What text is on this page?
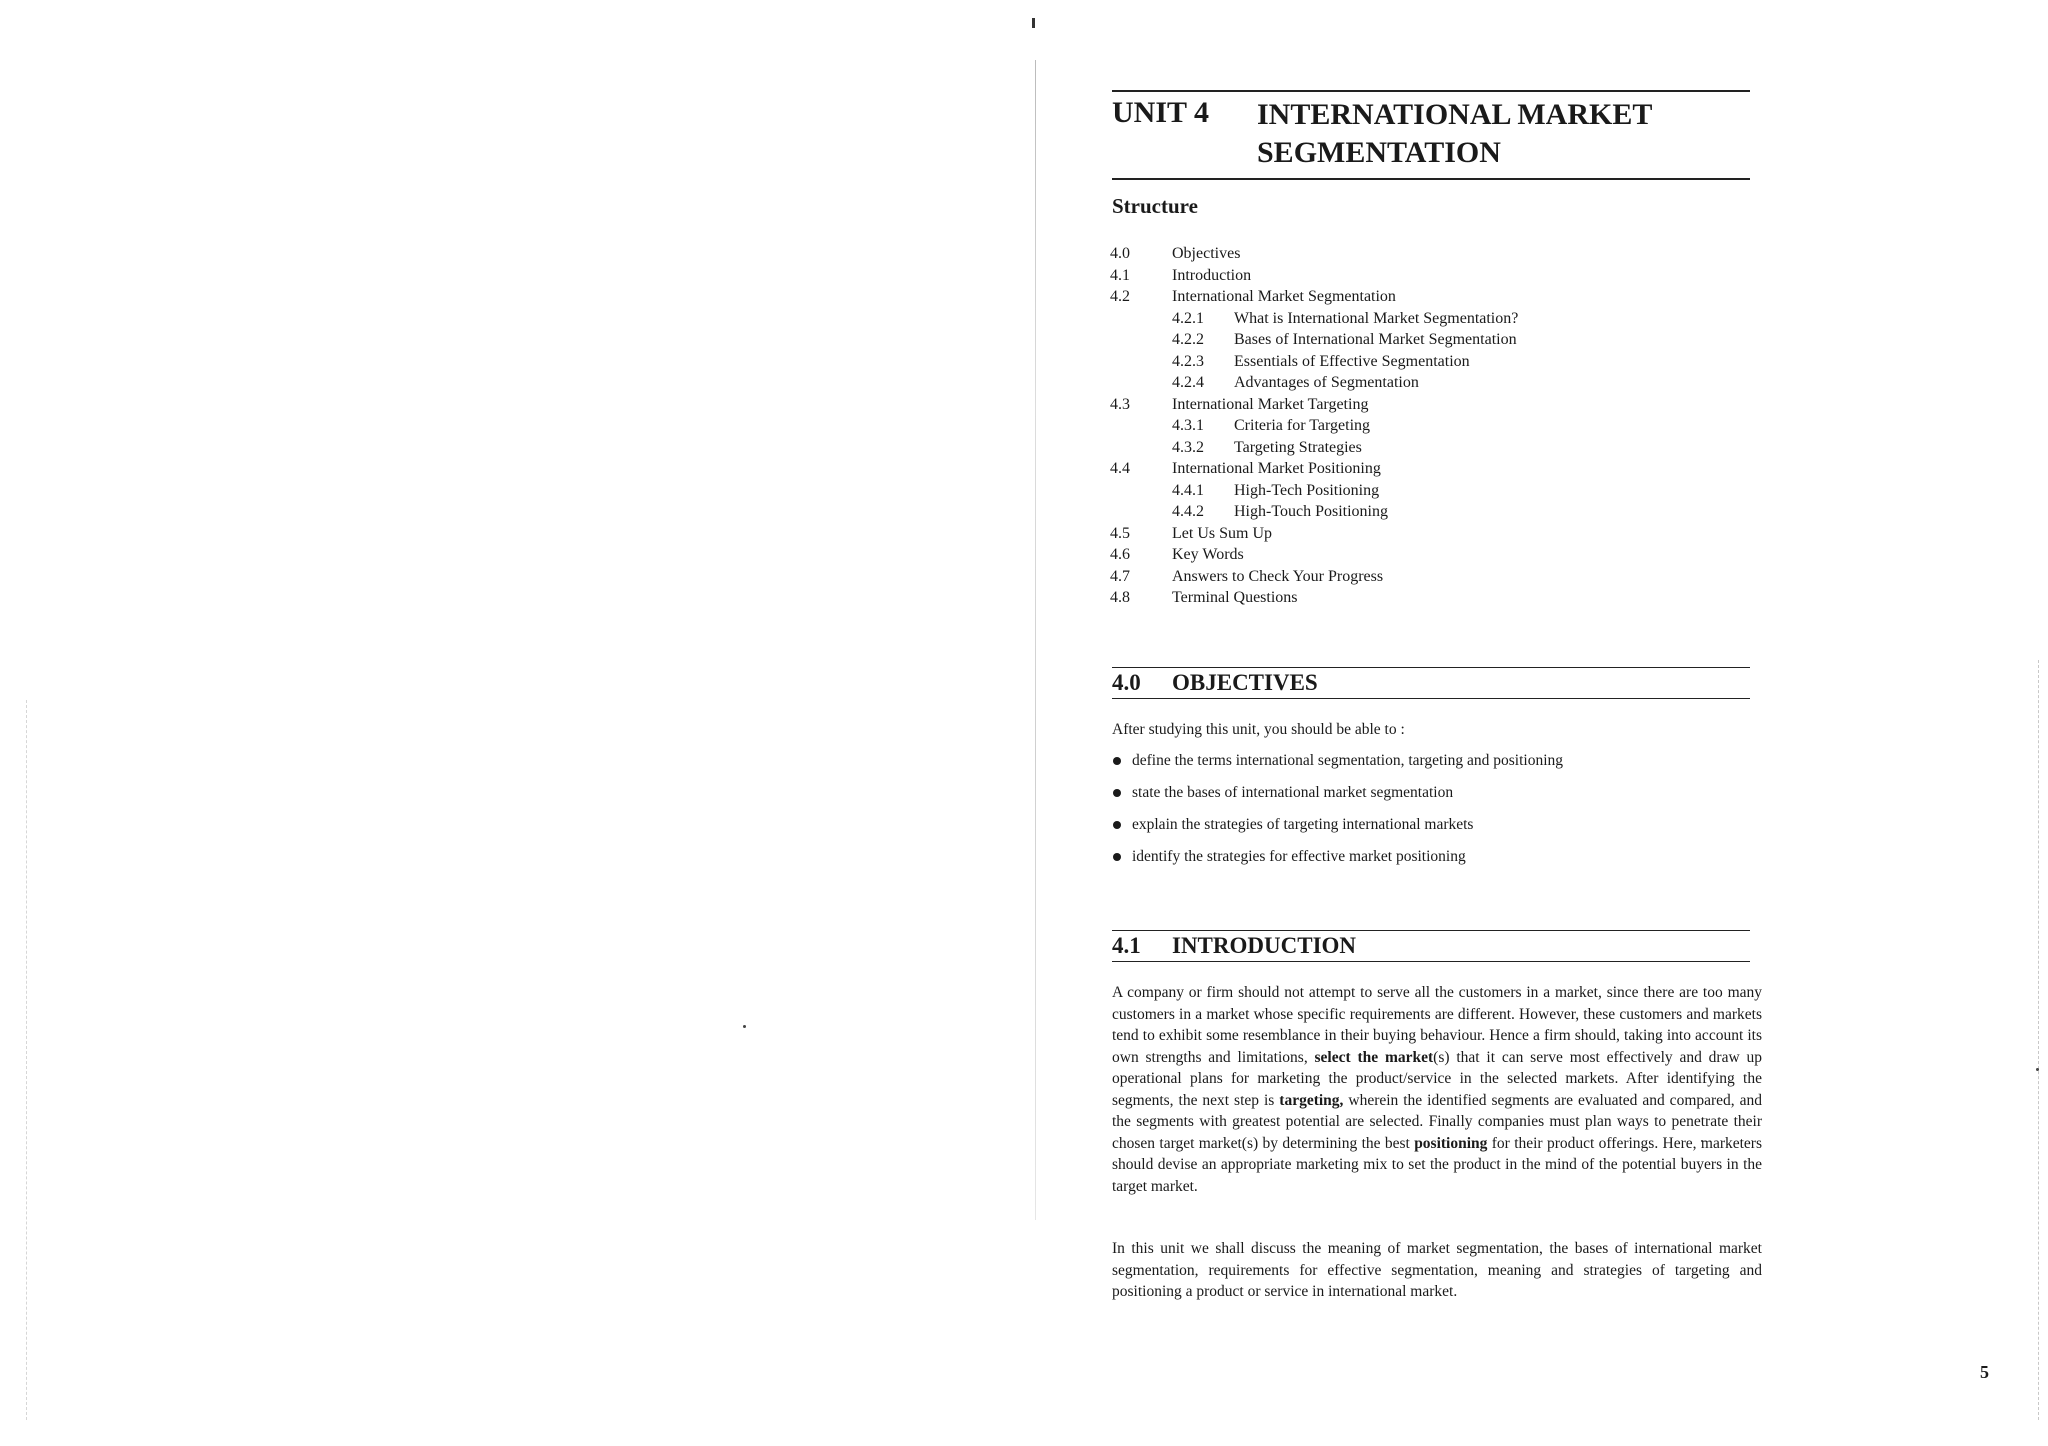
UNIT 4 INTERNATIONAL MARKET
SEGMENTATION
Structure
4.0	Objectives
4.1	Introduction
4.2	International Market Segmentation
4.2.1 What is International Market Segmentation?
4.2.2 Bases of International Market Segmentation
4.2.3 Essentials of Effective Segmentation
4.2.4 Advantages of Segmentation
4.3	International Market Targeting
4.3.1 Criteria for Targeting
4.3.2 Targeting Strategies
4.4	International Market Positioning
4.4.1 High-Tech Positioning
4.4.2 High-Touch Positioning
4.5	Let Us Sum Up
4.6	Key Words
4.7	Answers to Check Your Progress
4.8	Terminal Questions
4.0 OBJECTIVES
After studying this unit, you should be able to :
define the terms international segmentation, targeting and positioning
state the bases of international market segmentation
explain the strategies of targeting international markets
identify the strategies for effective market positioning
4.1 INTRODUCTION
A company or firm should not attempt to serve all the customers in a market, since there are too many customers in a market whose specific requirements are different. However, these customers and markets tend to exhibit some resemblance in their buying behaviour. Hence a firm should, taking into account its own strengths and limitations, select the market(s) that it can serve most effectively and draw up operational plans for marketing the product/service in the selected markets. After identifying the segments, the next step is targeting, wherein the identified segments are evaluated and compared, and the segments with greatest potential are selected. Finally companies must plan ways to penetrate their chosen target market(s) by determining the best positioning for their product offerings. Here, marketers should devise an appropriate marketing mix to set the product in the mind of the potential buyers in the target market.
In this unit we shall discuss the meaning of market segmentation, the bases of international market segmentation, requirements for effective segmentation, meaning and strategies of targeting and positioning a product or service in international market.
5
